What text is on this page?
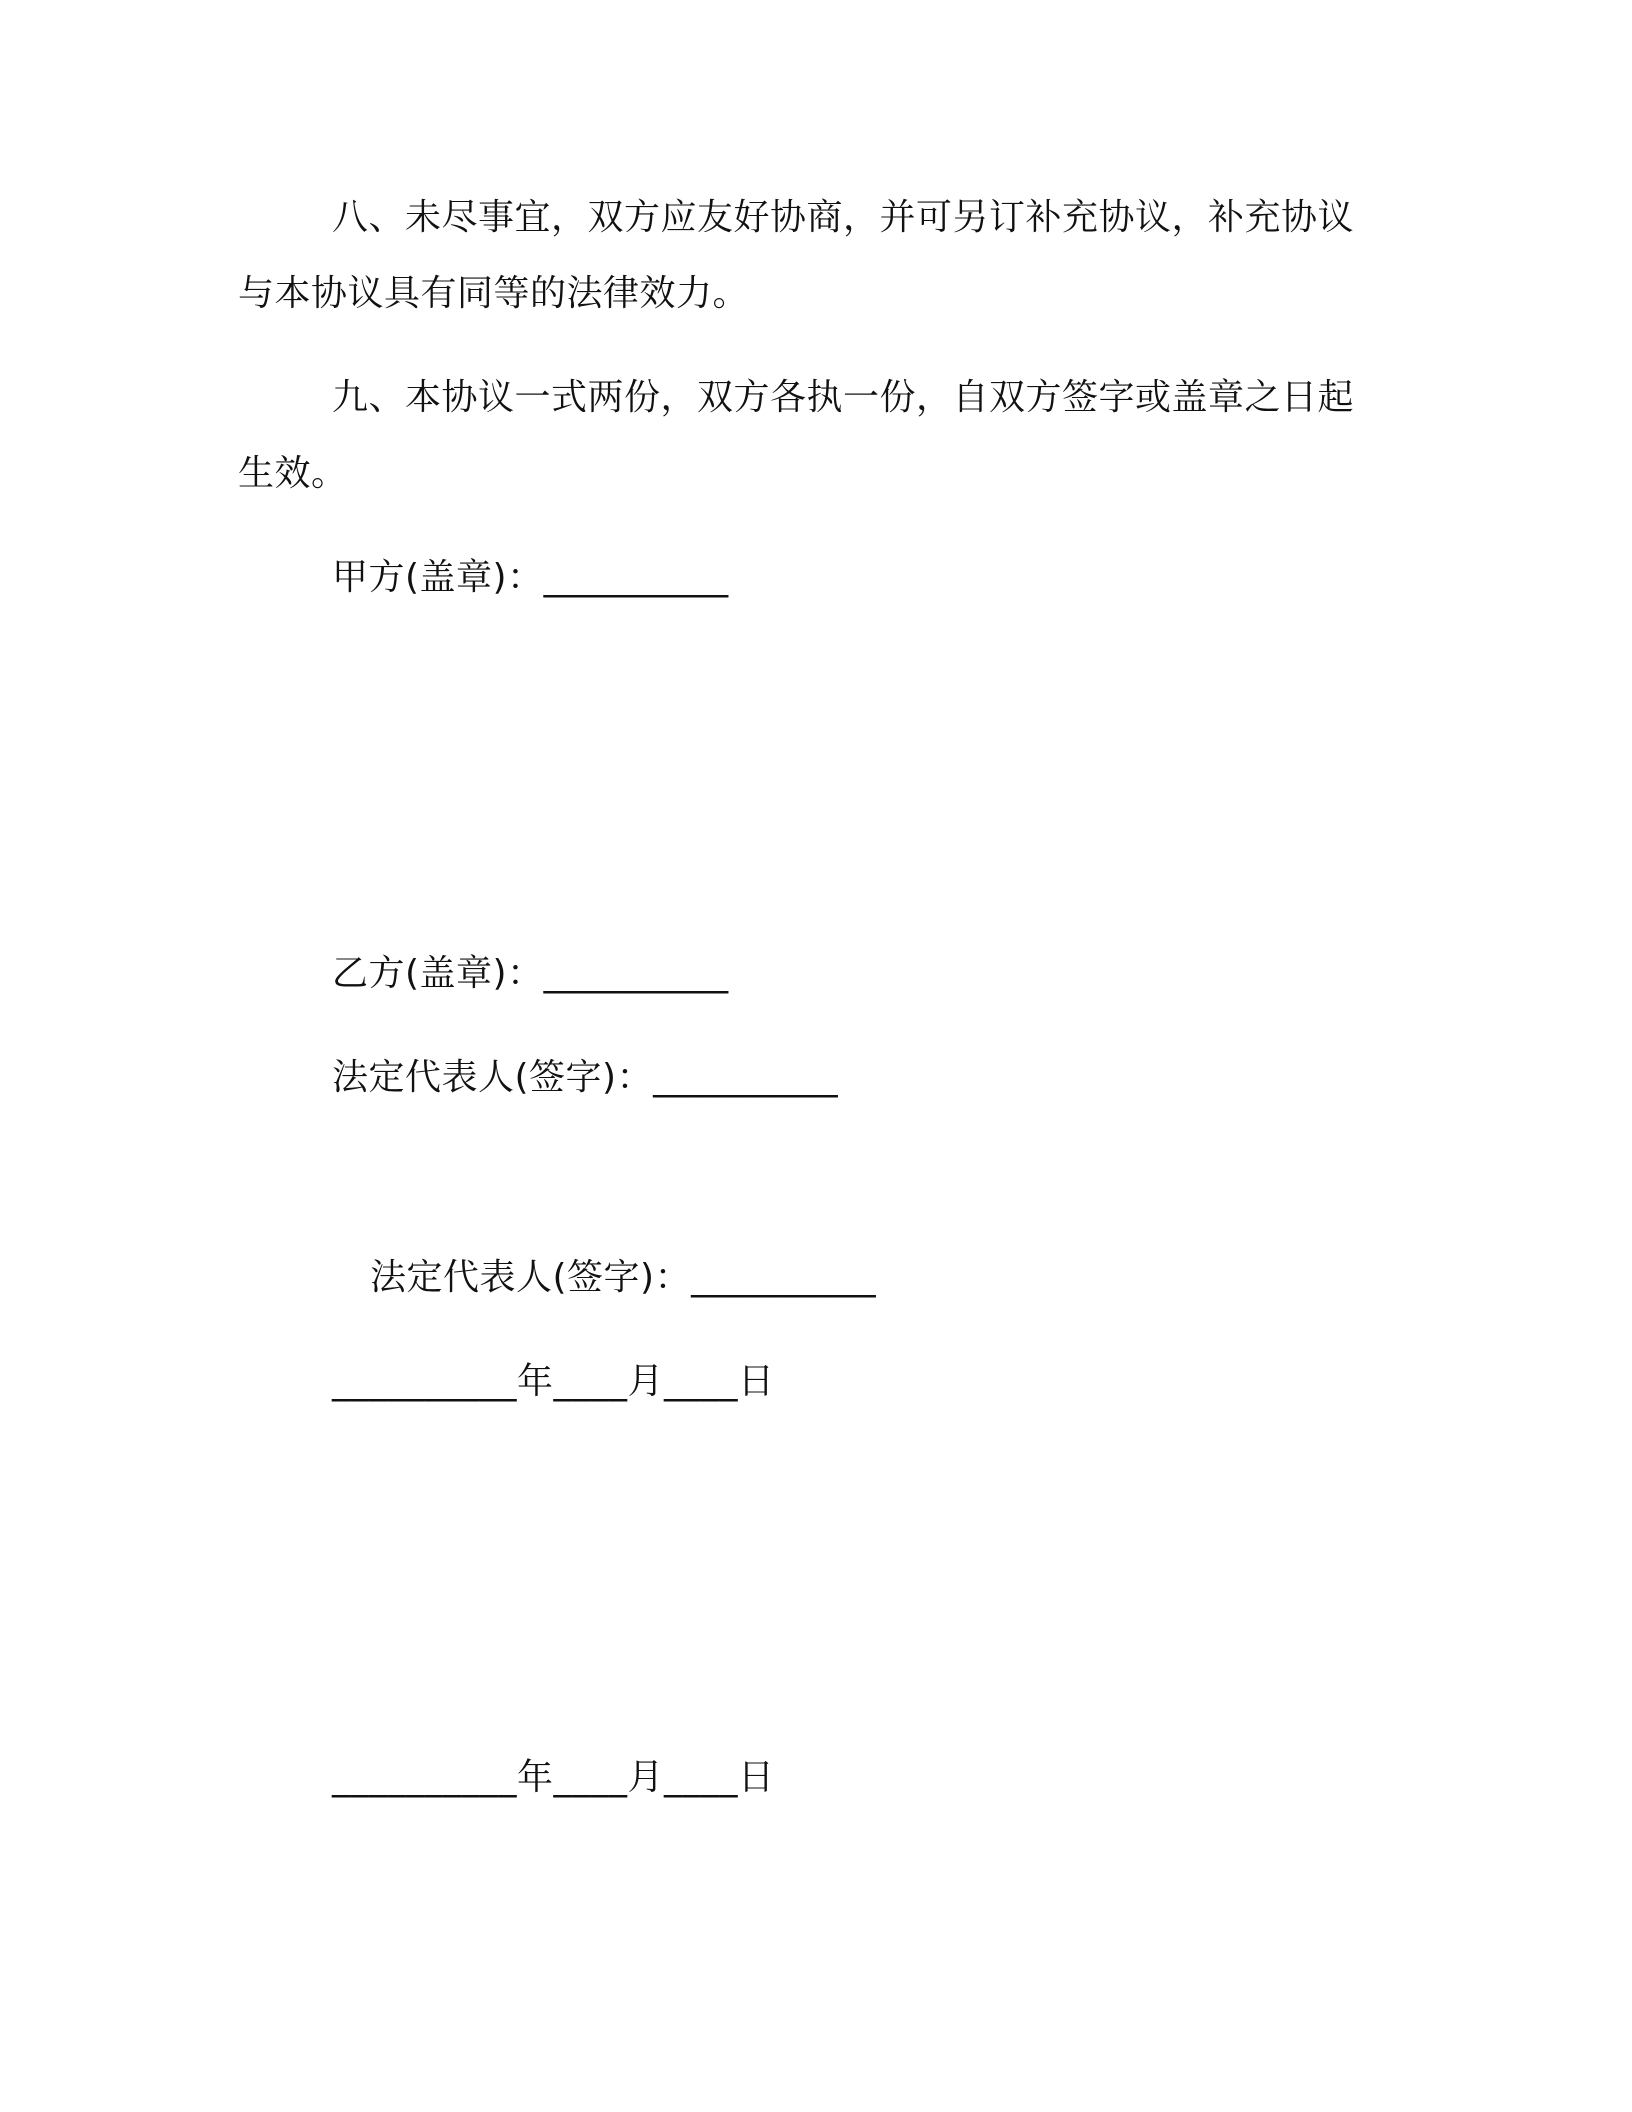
八、未尽事宜，双方应友好协商，并可另订补充协议，补充协议
与本协议具有同等的法律效力。
九、本协议一式两份，双方各执一份，自双方签字或盖章之日起
生效。
甲方(盖章)：__________
乙方(盖章)：__________
法定代表人(签字)：__________
法定代表人(签字)：__________
__________年____月____日
__________年____月____日
